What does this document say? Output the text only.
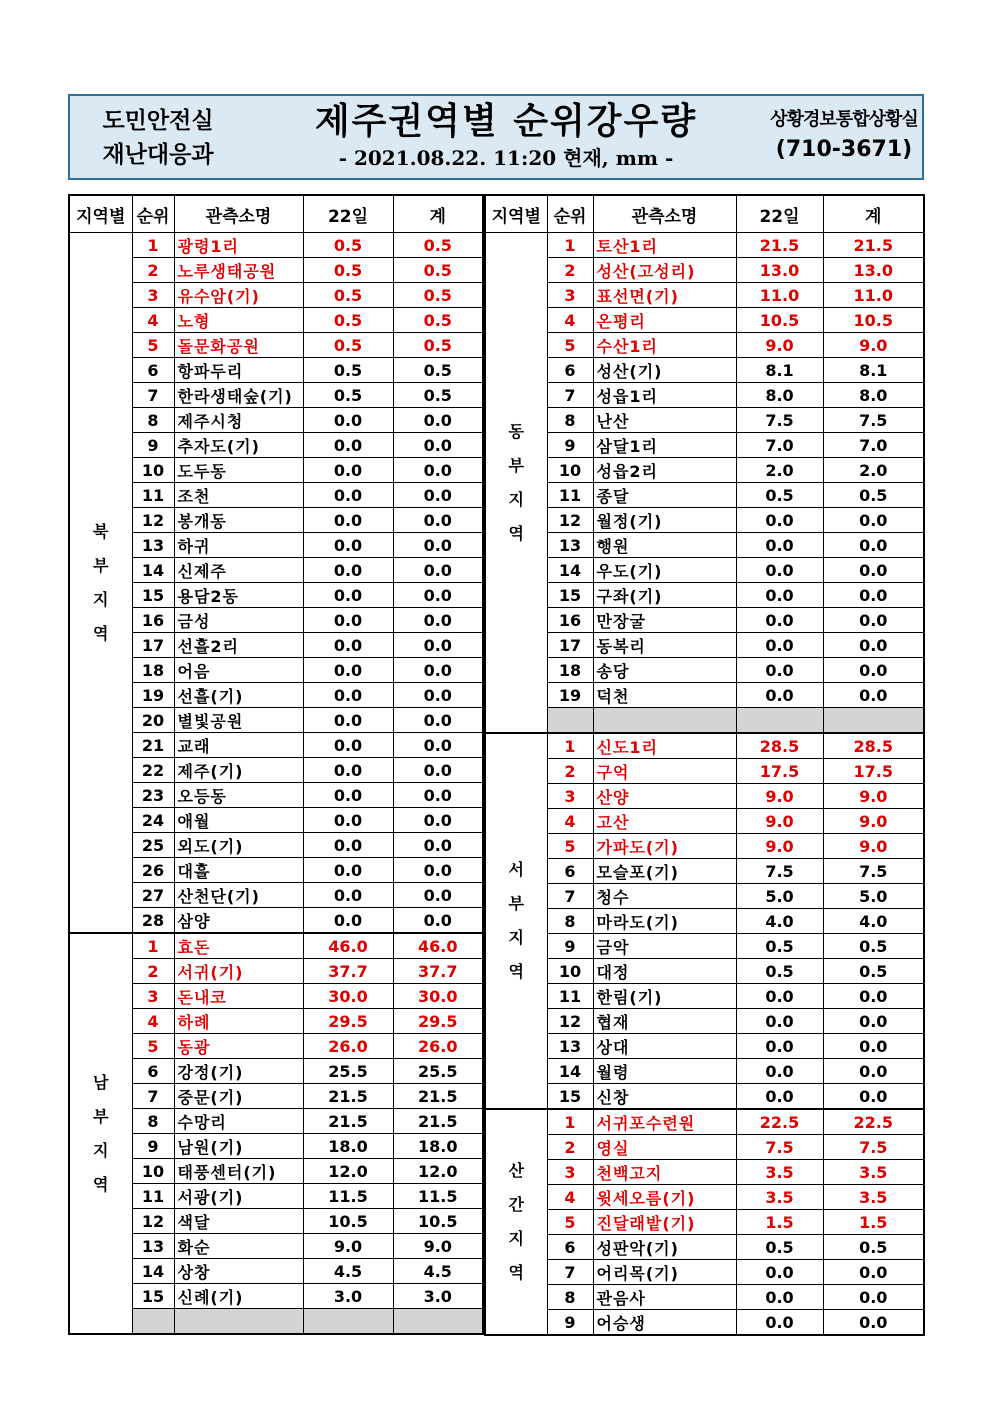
도민안전실
재난대응과
제주권역별 순위강우량
- 2021.08.22. 11:20 현재, mm -
상황경보통합상황실
(710-3671)
지역별	순위	관측소명	22일	계
북
부
지
역	1	광령1리	0.5	0.5
	2	노루생태공원	0.5	0.5
	3	유수암(기)	0.5	0.5
	4	노형	0.5	0.5
	5	돌문화공원	0.5	0.5
	6	항파두리	0.5	0.5
	7	한라생태숲(기)	0.5	0.5
	8	제주시청	0.0	0.0
	9	추자도(기)	0.0	0.0
	10	도두동	0.0	0.0
	11	조천	0.0	0.0
	12	봉개동	0.0	0.0
	13	하귀	0.0	0.0
	14	신제주	0.0	0.0
	15	용담2동	0.0	0.0
	16	금성	0.0	0.0
	17	선흘2리	0.0	0.0
	18	어음	0.0	0.0
	19	선흘(기)	0.0	0.0
	20	별빛공원	0.0	0.0
	21	교래	0.0	0.0
	22	제주(기)	0.0	0.0
	23	오등동	0.0	0.0
	24	애월	0.0	0.0
	25	외도(기)	0.0	0.0
	26	대흘	0.0	0.0
	27	산천단(기)	0.0	0.0
	28	삼양	0.0	0.0
남
부
지
역	1	효돈	46.0	46.0
	2	서귀(기)	37.7	37.7
	3	돈내코	30.0	30.0
	4	하례	29.5	29.5
	5	동광	26.0	26.0
	6	강정(기)	25.5	25.5
	7	중문(기)	21.5	21.5
	8	수망리	21.5	21.5
	9	남원(기)	18.0	18.0
	10	태풍센터(기)	12.0	12.0
	11	서광(기)	11.5	11.5
	12	색달	10.5	10.5
	13	화순	9.0	9.0
	14	상창	4.5	4.5
	15	신례(기)	3.0	3.0

지역별	순위	관측소명	22일	계
동
부
지
역	1	토산1리	21.5	21.5
	2	성산(고성리)	13.0	13.0
	3	표선면(기)	11.0	11.0
	4	온평리	10.5	10.5
	5	수산1리	9.0	9.0
	6	성산(기)	8.1	8.1
	7	성읍1리	8.0	8.0
	8	난산	7.5	7.5
	9	삼달1리	7.0	7.0
	10	성읍2리	2.0	2.0
	11	종달	0.5	0.5
	12	월정(기)	0.0	0.0
	13	행원	0.0	0.0
	14	우도(기)	0.0	0.0
	15	구좌(기)	0.0	0.0
	16	만장굴	0.0	0.0
	17	동복리	0.0	0.0
	18	송당	0.0	0.0
	19	덕천	0.0	0.0

서
부
지
역	1	신도1리	28.5	28.5
	2	구억	17.5	17.5
	3	산양	9.0	9.0
	4	고산	9.0	9.0
	5	가파도(기)	9.0	9.0
	6	모슬포(기)	7.5	7.5
	7	청수	5.0	5.0
	8	마라도(기)	4.0	4.0
	9	금악	0.5	0.5
	10	대정	0.5	0.5
	11	한림(기)	0.0	0.0
	12	협재	0.0	0.0
	13	상대	0.0	0.0
	14	월령	0.0	0.0
	15	신창	0.0	0.0
산
간
지
역	1	서귀포수련원	22.5	22.5
	2	영실	7.5	7.5
	3	천백고지	3.5	3.5
	4	윗세오름(기)	3.5	3.5
	5	진달래밭(기)	1.5	1.5
	6	성판악(기)	0.5	0.5
	7	어리목(기)	0.0	0.0
	8	관음사	0.0	0.0
	9	어승생	0.0	0.0
